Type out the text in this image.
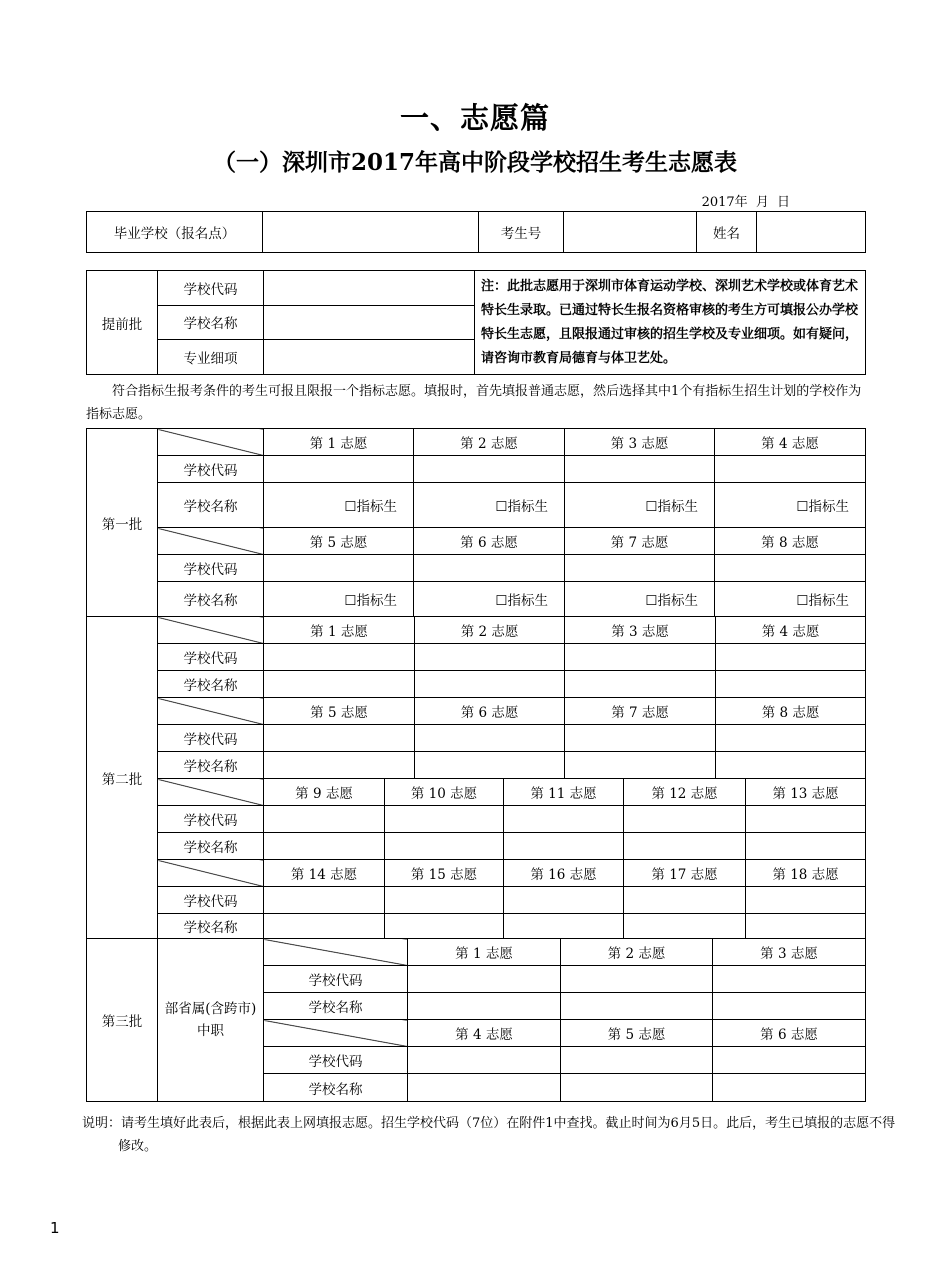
一、志愿篇
（一）深圳市2017年高中阶段学校招生考生志愿表
2017年 月 日
毕业学校（报名点）		考生号		姓名	
提前批	学校代码		注：此批志愿用于深圳市体育运动学校、深圳艺术学校或体育艺术特长生录取。已通过特长生报名资格审核的考生方可填报公办学校特长生志愿，且限报通过审核的招生学校及专业细项。如有疑问，请咨询市教育局德育与体卫艺处。
	学校名称		
	专业细项		
符合指标生报考条件的考生可报且限报一个指标志愿。填报时，首先填报普通志愿，然后选择其中1个有指标生招生计划的学校作为指标志愿。
第一批		第 1 志愿	第 2 志愿	第 3 志愿	第 4 志愿
	学校代码				
	学校名称	☐指标生	☐指标生	☐指标生	☐指标生
		第 5 志愿	第 6 志愿	第 7 志愿	第 8 志愿
	学校代码				
	学校名称	☐指标生	☐指标生	☐指标生	☐指标生
第二批		第 1 志愿		第 2 志愿		第 3 志愿		第 4 志愿	
	学校代码								
	学校名称								
		第 5 志愿		第 6 志愿		第 7 志愿		第 8 志愿	
	学校代码								
	学校名称								
		第 9 志愿	第 10 志愿		第 11 志愿		第 12 志愿		第 13 志愿
	学校代码								
	学校名称								
		第 14 志愿	第 15 志愿		第 16 志愿		第 17 志愿		第 18 志愿
	学校代码								
	学校名称								
第三批	部省属(含跨市)中职		第 1 志愿	第 2 志愿	第 3 志愿
		学校代码			
		学校名称			
			第 4 志愿	第 5 志愿	第 6 志愿
		学校代码			
		学校名称			
说明：请考生填好此表后，根据此表上网填报志愿。招生学校代码（7位）在附件1中查找。截止时间为6月5日。此后，考生已填报的志愿不得修改。
1
